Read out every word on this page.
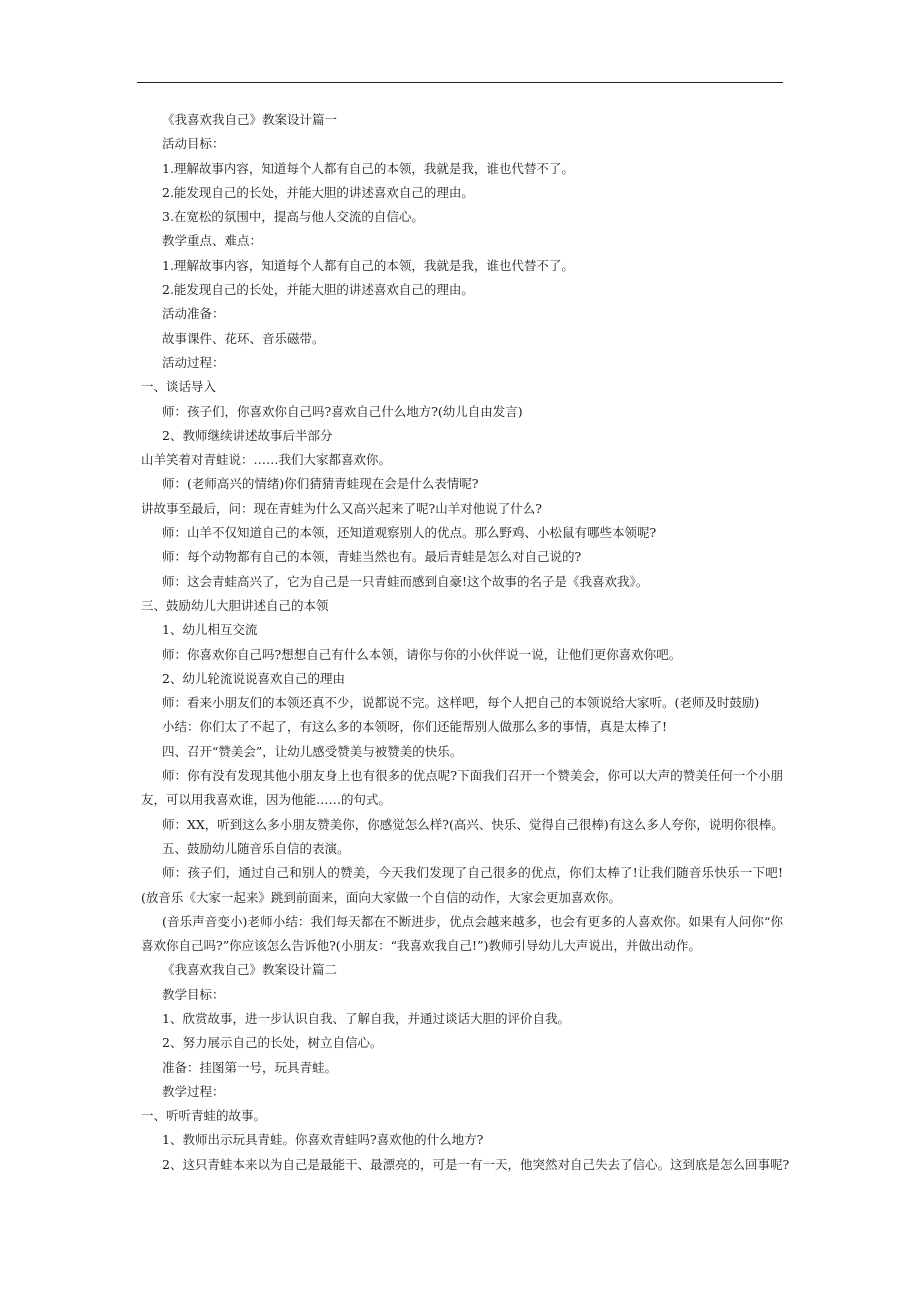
《我喜欢我自己》教案设计篇一

活动目标：

1.理解故事内容，知道每个人都有自己的本领，我就是我，谁也代替不了。

2.能发现自己的长处，并能大胆的讲述喜欢自己的理由。

3.在宽松的氛围中，提高与他人交流的自信心。

教学重点、难点：

1.理解故事内容，知道每个人都有自己的本领，我就是我，谁也代替不了。

2.能发现自己的长处，并能大胆的讲述喜欢自己的理由。

活动准备：

故事课件、花环、音乐磁带。

活动过程：

一、谈话导入

师：孩子们，你喜欢你自己吗?喜欢自己什么地方?(幼儿自由发言)

2、教师继续讲述故事后半部分

山羊笑着对青蛙说：……我们大家都喜欢你。

师：(老师高兴的情绪)你们猜猜青蛙现在会是什么表情呢?

讲故事至最后，问：现在青蛙为什么又高兴起来了呢?山羊对他说了什么?

师：山羊不仅知道自己的本领，还知道观察别人的优点。那么野鸡、小松鼠有哪些本领呢?

师：每个动物都有自己的本领，青蛙当然也有。最后青蛙是怎么对自己说的?

师：这会青蛙高兴了，它为自己是一只青蛙而感到自豪!这个故事的名子是《我喜欢我》。

三、鼓励幼儿大胆讲述自己的本领

1、幼儿相互交流

师：你喜欢你自己吗?想想自己有什么本领，请你与你的小伙伴说一说，让他们更你喜欢你吧。

2、幼儿轮流说说喜欢自己的理由

师：看来小朋友们的本领还真不少，说都说不完。这样吧，每个人把自己的本领说给大家听。(老师及时鼓励)

小结：你们太了不起了，有这么多的本领呀，你们还能帮别人做那么多的事情，真是太棒了!

四、召开“赞美会”，让幼儿感受赞美与被赞美的快乐。

师：你有没有发现其他小朋友身上也有很多的优点呢?下面我们召开一个赞美会，你可以大声的赞美任何一个小朋友，可以用我喜欢谁，因为他能……的句式。

师：XX，听到这么多小朋友赞美你，你感觉怎么样?(高兴、快乐、觉得自己很棒)有这么多人夸你，说明你很棒。

五、鼓励幼儿随音乐自信的表演。

师：孩子们，通过自己和别人的赞美，今天我们发现了自己很多的优点，你们太棒了!让我们随音乐快乐一下吧!(放音乐《大家一起来》跳到前面来，面向大家做一个自信的动作，大家会更加喜欢你。

(音乐声音变小)老师小结：我们每天都在不断进步，优点会越来越多，也会有更多的人喜欢你。如果有人问你“你喜欢你自己吗?”你应该怎么告诉他?(小朋友：“我喜欢我自己!”)教师引导幼儿大声说出，并做出动作。

《我喜欢我自己》教案设计篇二

教学目标：

1、欣赏故事，进一步认识自我、了解自我，并通过谈话大胆的评价自我。

2、努力展示自己的长处，树立自信心。

准备：挂图第一号，玩具青蛙。

教学过程：

一、听听青蛙的故事。

1、教师出示玩具青蛙。你喜欢青蛙吗?喜欢他的什么地方?

2、这只青蛙本来以为自己是最能干、最漂亮的，可是一有一天，他突然对自己失去了信心。这到底是怎么回事呢?
